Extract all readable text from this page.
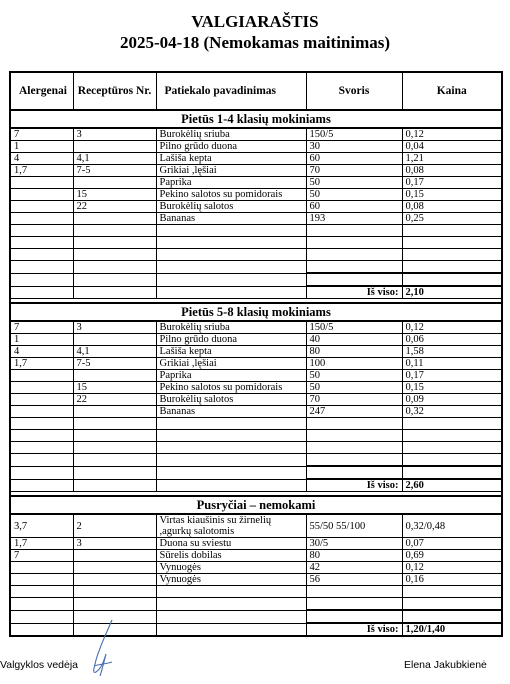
VALGIARAŠTIS
2025-04-18 (Nemokamas maitinimas)
Alergenai	Receptūros Nr.	Patiekalo pavadinimas	Svoris	Kaina
Pietūs 1-4 klasių mokiniams				
7	3	Burokėlių sriuba	150/5	0,12
1		Pilno grūdo duona	30	0,04
4	4,1	Lašiša kepta	60	1,21
1,7	7-5	Grikiai ,lęšiai	70	0,08
		Paprika	50	0,17
	15	Pekino salotos su pomidorais	50	0,15
	22	Burokėlių salotos	60	0,08
		Bananas	193	0,25

			Iš viso:	2,10

Pietūs 5-8 klasių mokiniams				
7	3	Burokėlių sriuba	150/5	0,12
1		Pilno grūdo duona	40	0,06
4	4,1	Lašiša kepta	80	1,58
1,7	7-5	Grikiai ,lęšiai	100	0,11
		Paprika	50	0,17
	15	Pekino salotos su pomidorais	50	0,15
	22	Burokėlių salotos	70	0,09
		Bananas	247	0,32

			Iš viso:	2,60

Pusryčiai – nemokami				
3,7	2	Virtas kiaušinis su žirnelių ,agurkų salotomis	55/50 55/100	0,32/0,48
1,7	3	Duona su sviestu	30/5	0,07
7		Sūrelis dobilas	80	0,69
		Vynuogės	42	0,12
		Vynuogės	56	0,16

			Iš viso:	1,20/1,40
Valgyklos vedėja	Elena Jakubkienė
